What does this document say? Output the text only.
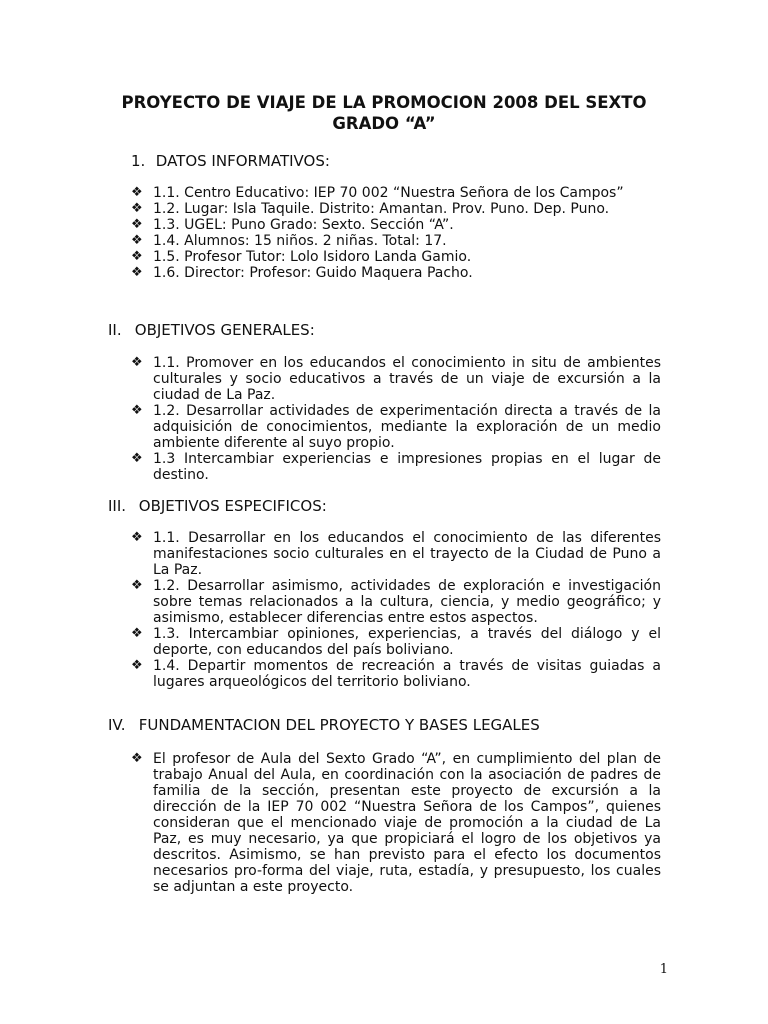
PROYECTO DE VIAJE DE LA PROMOCION 2008 DEL SEXTO GRADO “A”
1. DATOS INFORMATIVOS:
❖ 1.1. Centro Educativo: IEP 70 002 “Nuestra Señora de los Campos”
❖ 1.2. Lugar: Isla Taquile. Distrito: Amantan. Prov. Puno. Dep. Puno.
❖ 1.3. UGEL: Puno Grado: Sexto. Sección “A”.
❖ 1.4. Alumnos: 15 niños. 2 niñas. Total: 17.
❖ 1.5. Profesor Tutor: Lolo Isidoro Landa Gamio.
❖ 1.6. Director: Profesor: Guido Maquera Pacho.
II. OBJETIVOS GENERALES:
❖ 1.1. Promover en los educandos el conocimiento in situ de ambientes culturales y socio educativos a través de un viaje de excursión a la ciudad de La Paz.
❖ 1.2. Desarrollar actividades de experimentación directa a través de la adquisición de conocimientos, mediante la exploración de un medio ambiente diferente al suyo propio.
❖ 1.3 Intercambiar experiencias e impresiones propias en el lugar de destino.
III. OBJETIVOS ESPECIFICOS:
❖ 1.1. Desarrollar en los educandos el conocimiento de las diferentes manifestaciones socio culturales en el trayecto de la Ciudad de Puno a La Paz.
❖ 1.2. Desarrollar asimismo, actividades de exploración e investigación sobre temas relacionados a la cultura, ciencia, y medio geográfico; y asimismo, establecer diferencias entre estos aspectos.
❖ 1.3. Intercambiar opiniones, experiencias, a través del diálogo y el deporte, con educandos del país boliviano.
❖ 1.4. Departir momentos de recreación a través de visitas guiadas a lugares arqueológicos del territorio boliviano.
IV. FUNDAMENTACION DEL PROYECTO Y BASES LEGALES
❖ El profesor de Aula del Sexto Grado “A”, en cumplimiento del plan de trabajo Anual del Aula, en coordinación con la asociación de padres de familia de la sección, presentan este proyecto de excursión a la dirección de la IEP 70 002 “Nuestra Señora de los Campos”, quienes consideran que el mencionado viaje de promoción a la ciudad de La Paz, es muy necesario, ya que propiciará el logro de los objetivos ya descritos. Asimismo, se han previsto para el efecto los documentos necesarios pro-forma del viaje, ruta, estadía, y presupuesto, los cuales se adjuntan a este proyecto.
1
